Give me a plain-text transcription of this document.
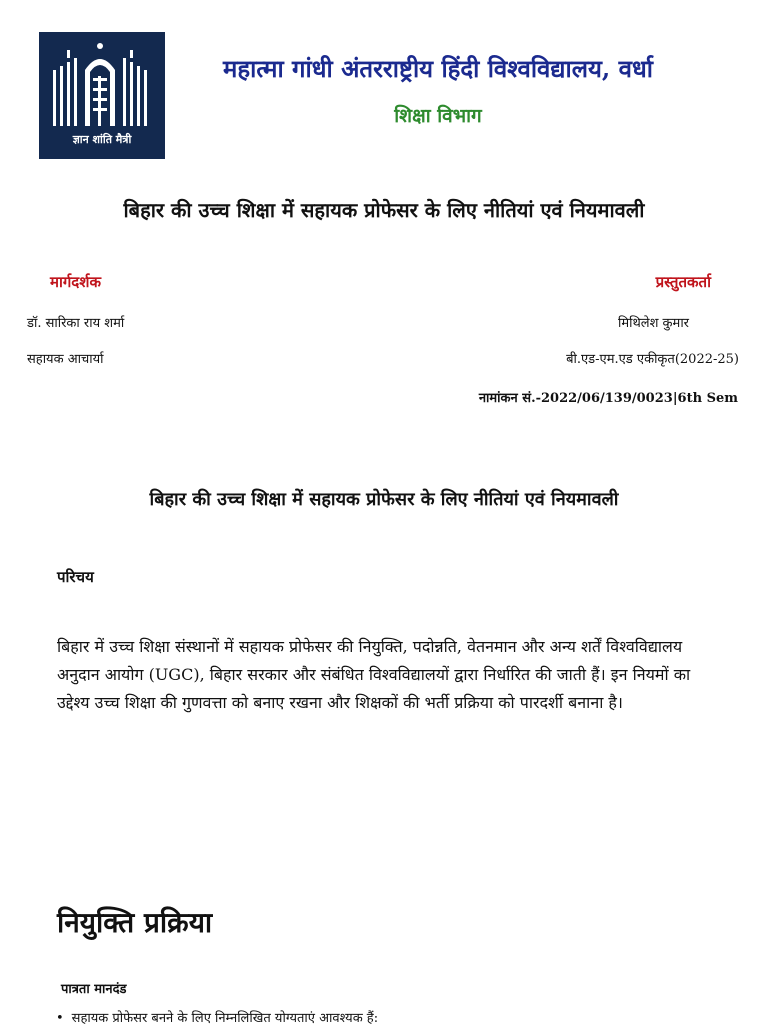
ज्ञान शांति मैत्री
महात्मा गांधी अंतरराष्ट्रीय हिंदी विश्वविद्यालय, वर्धा
शिक्षा विभाग
बिहार की उच्च शिक्षा में सहायक प्रोफेसर के लिए नीतियां एवं नियमावली
मार्गदर्शक	प्रस्तुतकर्ता
डॉ. सारिका राय शर्मा
सहायक आचार्या
मिथिलेश कुमार
बी.एड-एम.एड एकीकृत(2022-25)
नामांकन सं.-2022/06/139/0023|6th Sem
बिहार की उच्च शिक्षा में सहायक प्रोफेसर के लिए नीतियां एवं नियमावली
परिचय
बिहार में उच्च शिक्षा संस्थानों में सहायक प्रोफेसर की नियुक्ति, पदोन्नति, वेतनमान और अन्य शर्तें विश्वविद्यालय अनुदान आयोग (UGC), बिहार सरकार और संबंधित विश्वविद्यालयों द्वारा निर्धारित की जाती हैं। इन नियमों का उद्देश्य उच्च शिक्षा की गुणवत्ता को बनाए रखना और शिक्षकों की भर्ती प्रक्रिया को पारदर्शी बनाना है।
नियुक्ति प्रक्रिया
पात्रता मानदंड
• सहायक प्रोफेसर बनने के लिए निम्नलिखित योग्यताएं आवश्यक हैं:
